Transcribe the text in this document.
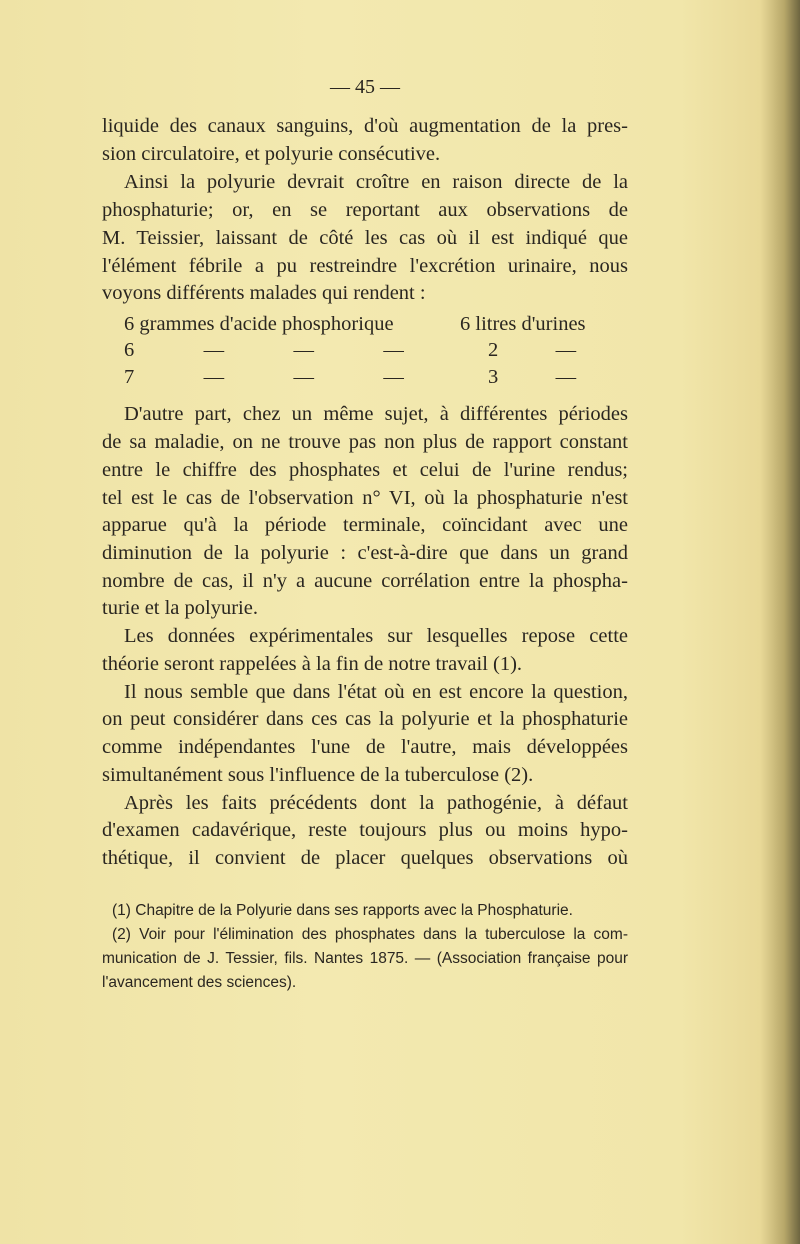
— 45 —
liquide des canaux sanguins, d'où augmentation de la pres-
sion circulatoire, et polyurie consécutive.
Ainsi la polyurie devrait croître en raison directe de la
phosphaturie; or, en se reportant aux observations de
M. Teissier, laissant de côté les cas où il est indiqué que
l'élément fébrile a pu restreindre l'excrétion urinaire, nous
voyons différents malades qui rendent :
6 grammes d'acide phosphorique	6 litres d'urines
6   —   —   —	2   —
7   —   —   —	3   —
D'autre part, chez un même sujet, à différentes périodes
de sa maladie, on ne trouve pas non plus de rapport constant
entre le chiffre des phosphates et celui de l'urine rendus;
tel est le cas de l'observation n° VI, où la phosphaturie n'est
apparue qu'à la période terminale, coïncidant avec une
diminution de la polyurie : c'est-à-dire que dans un grand
nombre de cas, il n'y a aucune corrélation entre la phospha-
turie et la polyurie.
Les données expérimentales sur lesquelles repose cette
théorie seront rappelées à la fin de notre travail (1).
Il nous semble que dans l'état où en est encore la question,
on peut considérer dans ces cas la polyurie et la phosphaturie
comme indépendantes l'une de l'autre, mais développées
simultanément sous l'influence de la tuberculose (2).
Après les faits précédents dont la pathogénie, à défaut
d'examen cadavérique, reste toujours plus ou moins hypo-
thétique, il convient de placer quelques observations où
(1) Chapitre de la Polyurie dans ses rapports avec la Phosphaturie.
(2) Voir pour l'élimination des phosphates dans la tuberculose la com-
munication de J. Tessier, fils. Nantes 1875. — (Association française pour
l'avancement des sciences).
